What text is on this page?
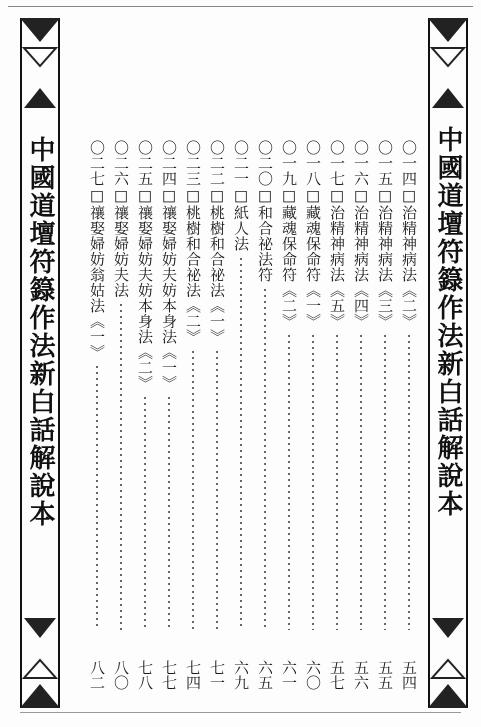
中國道壇符籙作法新白話解說本
中國道壇符籙作法新白話解說本	〇一四□治精神病法《二》
五四
〇一五□治精神病法《三》
五五
〇一六□治精神病法《四》
五六
〇一七□治精神病法《五》
五七
〇一八□藏魂保命符《一》
六〇
〇一九□藏魂保命符《二》
六一
〇二〇□和合祕法符
六五
〇二一□紙人法
六九
〇二二□桃樹和合祕法《一》
七一
〇二三□桃樹和合祕法《二》
七四
〇二四□禳娶婦妨夫妨本身法《一》
七七
〇二五□禳娶婦妨夫妨本身法《二》
七八
〇二六□禳娶婦妨夫法
八〇
〇二七□禳娶婦妨翁姑法《一》
八二
